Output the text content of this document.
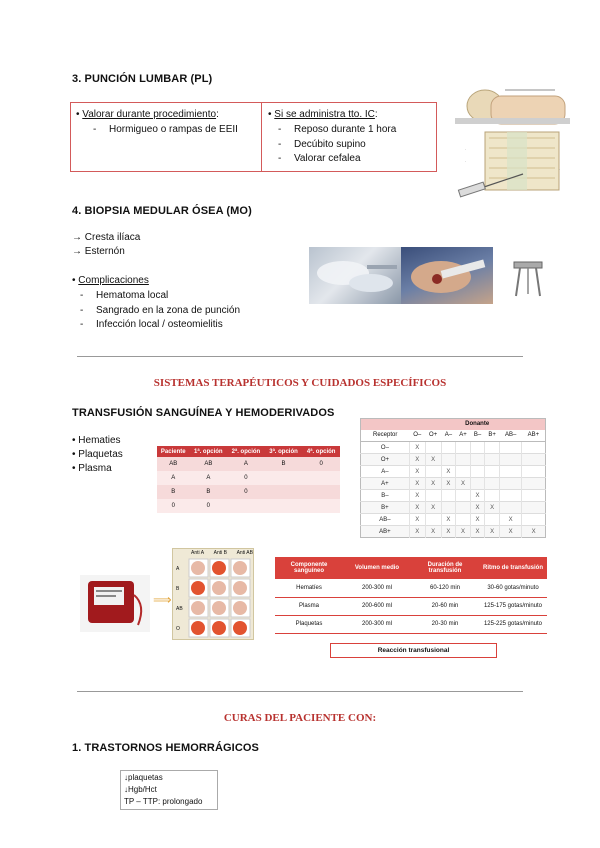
3. PUNCIÓN LUMBAR (PL)
• Valorar durante procedimiento:
- Hormigueo o rampas de EEII
• Si se administra tto. IC:
- Reposo durante 1 hora
- Decúbito supino
- Valorar cefalea
-
-
-
4. BIOPSIA MEDULAR ÓSEA (MO)
→ Cresta ilíaca
→ Esternón
• Complicaciones
- Hematoma local
- Sangrado en la zona de punción
- Infección local / osteomielitis
SISTEMAS TERAPÉUTICOS Y CUIDADOS ESPECÍFICOS
TRANSFUSIÓN SANGUÍNEA Y HEMODERIVADOS
• Hematies
• Plaquetas
• Plasma
Paciente	1ª. opción	2ª. opción	3ª. opción	4ª. opción
AB	AB	A	B	0
A	A	0		
B	B	0		
0	0			
	Donante							
Receptor	O–	O+	A–	A+	B–	B+	AB–	AB+
O–	X							
O+	X	X						
A–	X		X					
A+	X	X	X	X				
B–	X				X			
B+	X	X			X	X		
AB–	X		X		X		X	
AB+	X	X	X	X	X	X	X	X
⟹
Anti A Anti B Anti AB
A
B
AB
O
Componente sanguíneo	Volumen medio	Duración de transfusión	Ritmo de transfusión
Hematíes	200-300 ml	60-120 min	30-60 gotas/minuto
Plasma	200-600 ml	20-60 min	125-175 gotas/minuto
Plaquetas	200-300 ml	20-30 min	125-225 gotas/minuto
Reacción transfusional
CURAS DEL PACIENTE CON:
1. TRASTORNOS HEMORRÁGICOS
↓plaquetas
↓Hgb/Hct
TP – TTP: prolongado
